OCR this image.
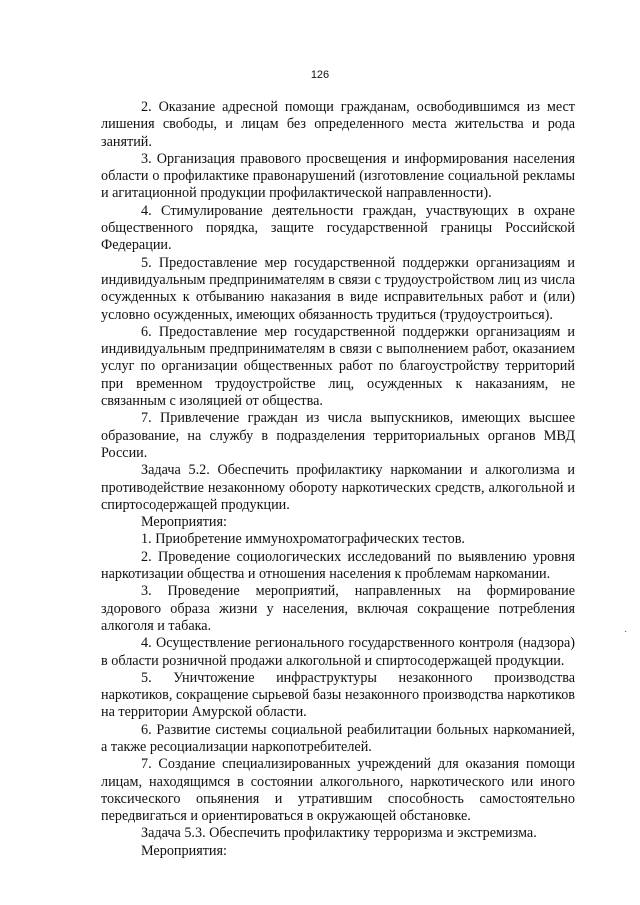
126

2. Оказание адресной помощи гражданам, освободившимся из мест лишения свободы, и лицам без определенного места жительства и рода занятий.

3. Организация правового просвещения и информирования населения области о профилактике правонарушений (изготовление социальной рекламы и агитационной продукции профилактической направленности).

4. Стимулирование деятельности граждан, участвующих в охране общественного порядка, защите государственной границы Российской Федерации.

5. Предоставление мер государственной поддержки организациям и индивидуальным предпринимателям в связи с трудоустройством лиц из числа осужденных к отбыванию наказания в виде исправительных работ и (или) условно осужденных, имеющих обязанность трудиться (трудоустроиться).

6. Предоставление мер государственной поддержки организациям и индивидуальным предпринимателям в связи с выполнением работ, оказанием услуг по организации общественных работ по благоустройству территорий при временном трудоустройстве лиц, осужденных к наказаниям, не связанным с изоляцией от общества.

7. Привлечение граждан из числа выпускников, имеющих высшее образование, на службу в подразделения территориальных органов МВД России.

Задача 5.2. Обеспечить профилактику наркомании и алкоголизма и противодействие незаконному обороту наркотических средств, алкогольной и спиртосодержащей продукции.

Мероприятия:

1. Приобретение иммунохроматографических тестов.

2. Проведение социологических исследований по выявлению уровня наркотизации общества и отношения населения к проблемам наркомании.

3. Проведение мероприятий, направленных на формирование здорового образа жизни у населения, включая сокращение потребления алкоголя и табака.

4. Осуществление регионального государственного контроля (надзора) в области розничной продажи алкогольной и спиртосодержащей продукции.

5. Уничтожение инфраструктуры незаконного производства наркотиков, сокращение сырьевой базы незаконного производства наркотиков на территории Амурской области.

6. Развитие системы социальной реабилитации больных наркоманией, а также ресоциализации наркопотребителей.

7. Создание специализированных учреждений для оказания помощи лицам, находящимся в состоянии алкогольного, наркотического или иного токсического опьянения и утратившим способность самостоятельно передвигаться и ориентироваться в окружающей обстановке.

Задача 5.3. Обеспечить профилактику терроризма и экстремизма.

Мероприятия:

·
